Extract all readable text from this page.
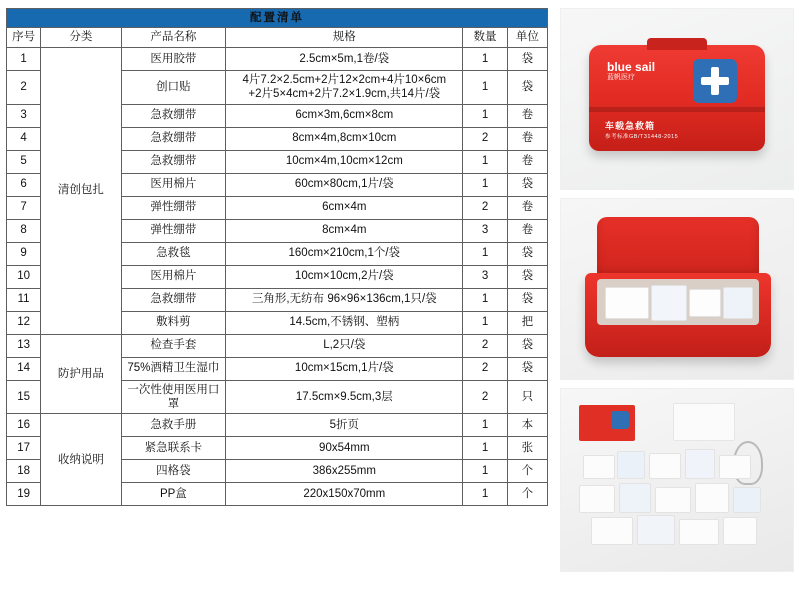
配置清单					
序号	分类	产品名称	规格	数量	单位
1	清创包扎	医用胶带	2.5cm×5m,1卷/袋	1	袋
2		创口贴	4片7.2×2.5cm+2片12×2cm+4片10×6cm
+2片5×4cm+2片7.2×1.9cm,共14片/袋	1	袋
3		急救绷带	6cm×3m,6cm×8cm	1	卷
4		急救绷带	8cm×4m,8cm×10cm	2	卷
5		急救绷带	10cm×4m,10cm×12cm	1	卷
6		医用棉片	60cm×80cm,1片/袋	1	袋
7		弹性绷带	6cm×4m	2	卷
8		弹性绷带	8cm×4m	3	卷
9		急救毯	160cm×210cm,1个/袋	1	袋
10		医用棉片	10cm×10cm,2片/袋	3	袋
11		急救绷带	三角形,无纺布 96×96×136cm,1只/袋	1	袋
12		敷料剪	14.5cm,不锈钢、塑柄	1	把
13	防护用品	检查手套	L,2只/袋	2	袋
14		75%酒精卫生湿巾	10cm×15cm,1片/袋	2	袋
15		一次性使用医用口罩	17.5cm×9.5cm,3层	2	只
16	收纳说明	急救手册	5折页	1	本
17		紧急联系卡	90x54mm	1	张
18		四格袋	386x255mm	1	个
19		PP盒	220x150x70mm	1	个
blue sail
蓝帆医疗
车载急救箱
参考标准GB/T31448-2015
